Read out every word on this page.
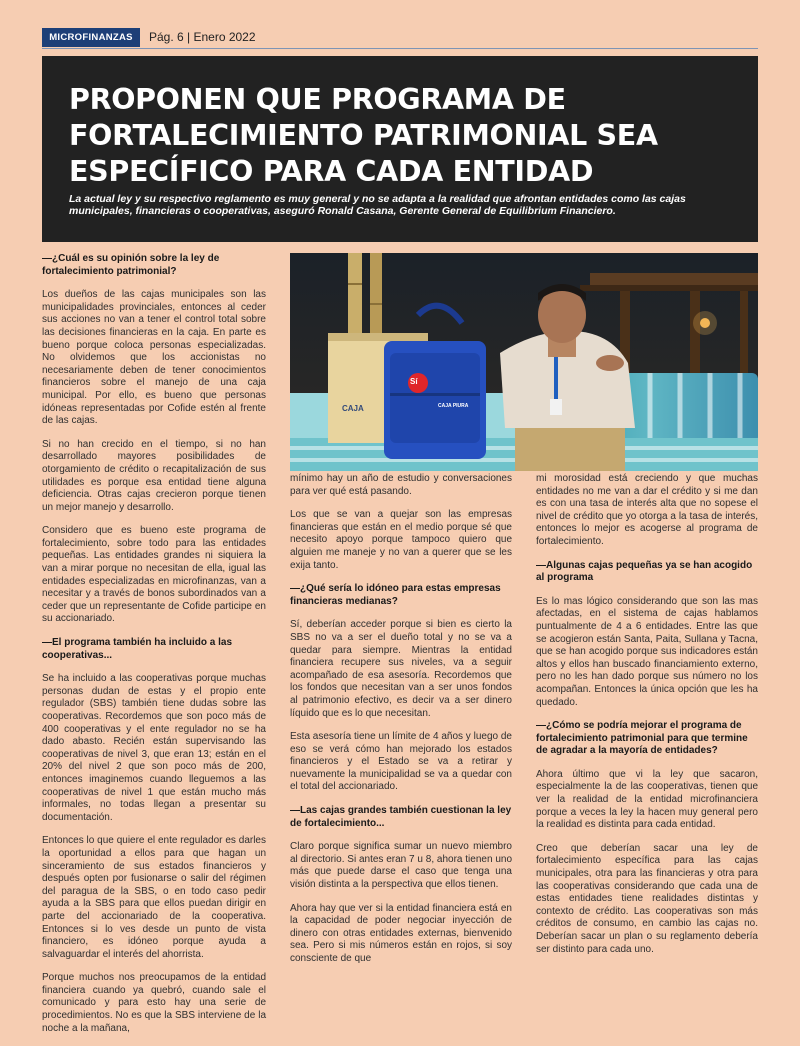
MICROFINANZAS	Pág. 6 | Enero 2022
PROPONEN QUE PROGRAMA DE FORTALECIMIENTO PATRIMONIAL SEA ESPECÍFICO PARA CADA ENTIDAD

La actual ley y su respectivo reglamento es muy general y no se adapta a la realidad que afrontan entidades como las cajas municipales, financieras o cooperativas, aseguró Ronald Casana, Gerente General de Equilibrium Financiero.

—¿Cuál es su opinión sobre la ley de fortalecimiento patrimonial?

Los dueños de las cajas municipales son las municipalidades provinciales, entonces al ceder sus acciones no van a tener el control total sobre las decisiones financieras en la caja. En parte es bueno porque coloca personas especializadas. No olvidemos que los accionistas no necesariamente deben de tener conocimientos financieros sobre el manejo de una caja municipal. Por ello, es bueno que personas idóneas representadas por Cofide estén al frente de las cajas.

Si no han crecido en el tiempo, si no han desarrollado mayores posibilidades de otorgamiento de crédito o recapitalización de sus utilidades es porque esa entidad tiene alguna deficiencia. Otras cajas crecieron porque tienen un mejor manejo y desarrollo.

Considero que es bueno este programa de fortalecimiento, sobre todo para las entidades pequeñas. Las entidades grandes ni siquiera la van a mirar porque no necesitan de ella, igual las entidades especializadas en microfinanzas, van a necesitar y a través de bonos subordinados van a ceder que un representante de Cofide participe en su accionariado.

—El programa también ha incluido a las cooperativas...

Se ha incluido a las cooperativas porque muchas personas dudan de estas y el propio ente regulador (SBS) también tiene dudas sobre las cooperativas. Recordemos que son poco más de 400 cooperativas y el ente regulador no se ha dado abasto. Recién están supervisando las cooperativas de nivel 3, que eran 13; están en el 20% del nivel 2 que son poco más de 200, entonces imaginemos cuando lleguemos a las cooperativas de nivel 1 que están mucho más informales, no todas llegan a presentar su documentación.

Entonces lo que quiere el ente regulador es darles la oportunidad a ellos para que hagan un sinceramiento de sus estados financieros y después opten por fusionarse o salir del régimen del paragua de la SBS, o en todo caso pedir ayuda a la SBS para que ellos puedan dirigir en parte del accionariado de la cooperativa. Entonces si lo ves desde un punto de vista financiero, es idóneo porque ayuda a salvaguardar el interés del ahorrista.

Porque muchos nos preocupamos de la entidad financiera cuando ya quebró, cuando sale el comunicado y para esto hay una serie de procedimientos. No es que la SBS interviene de la noche a la mañana,

CAJA
Sí
CAJA PIURA

mínimo hay un año de estudio y conversaciones para ver qué está pasando.

Los que se van a quejar son las empresas financieras que están en el medio porque sé que necesito apoyo porque tampoco quiero que alguien me maneje y no van a querer que se les exija tanto.

—¿Qué sería lo idóneo para estas empresas financieras medianas?

Sí, deberían acceder porque si bien es cierto la SBS no va a ser el dueño total y no se va a quedar para siempre. Mientras la entidad financiera recupere sus niveles, va a seguir acompañado de esa asesoría. Recordemos que los fondos que necesitan van a ser unos fondos al patrimonio efectivo, es decir va a ser dinero líquido que es lo que necesitan.

Esta asesoría tiene un límite de 4 años y luego de eso se verá cómo han mejorado los estados financieros y el Estado se va a retirar y nuevamente la municipalidad se va a quedar con el total del accionariado.

—Las cajas grandes también cuestionan la ley de fortalecimiento...

Claro porque significa sumar un nuevo miembro al directorio. Si antes eran 7 u 8, ahora tienen uno más que puede darse el caso que tenga una visión distinta a la perspectiva que ellos tienen.

Ahora hay que ver si la entidad financiera está en la capacidad de poder negociar inyección de dinero con otras entidades externas, bienvenido sea. Pero si mis números están en rojos, si soy consciente de que

mi morosidad está creciendo y que muchas entidades no me van a dar el crédito y si me dan es con una tasa de interés alta que no sopese el nivel de crédito que yo otorga a la tasa de interés, entonces lo mejor es acogerse al programa de fortalecimiento.

—Algunas cajas pequeñas ya se han acogido al programa

Es lo mas lógico considerando que son las mas afectadas, en el sistema de cajas hablamos puntualmente de 4 a 6 entidades. Entre las que se acogieron están Santa, Paita, Sullana y Tacna, que se han acogido porque sus indicadores están altos y ellos han buscado financiamiento externo, pero no les han dado porque sus número no los acompañan. Entonces la única opción que les ha quedado.

—¿Cómo se podría mejorar el programa de fortalecimiento patrimonial para que termine de agradar a la mayoría de entidades?

Ahora último que vi la ley que sacaron, especialmente la de las cooperativas, tienen que ver la realidad de la entidad microfinanciera porque a veces la ley la hacen muy general pero la realidad es distinta para cada entidad.

Creo que deberían sacar una ley de fortalecimiento específica para las cajas municipales, otra para las financieras y otra para las cooperativas considerando que cada una de estas entidades tiene realidades distintas y contexto de crédito. Las cooperativas son más créditos de consumo, en cambio las cajas no. Deberían sacar un plan o su reglamento debería ser distinto para cada uno.
